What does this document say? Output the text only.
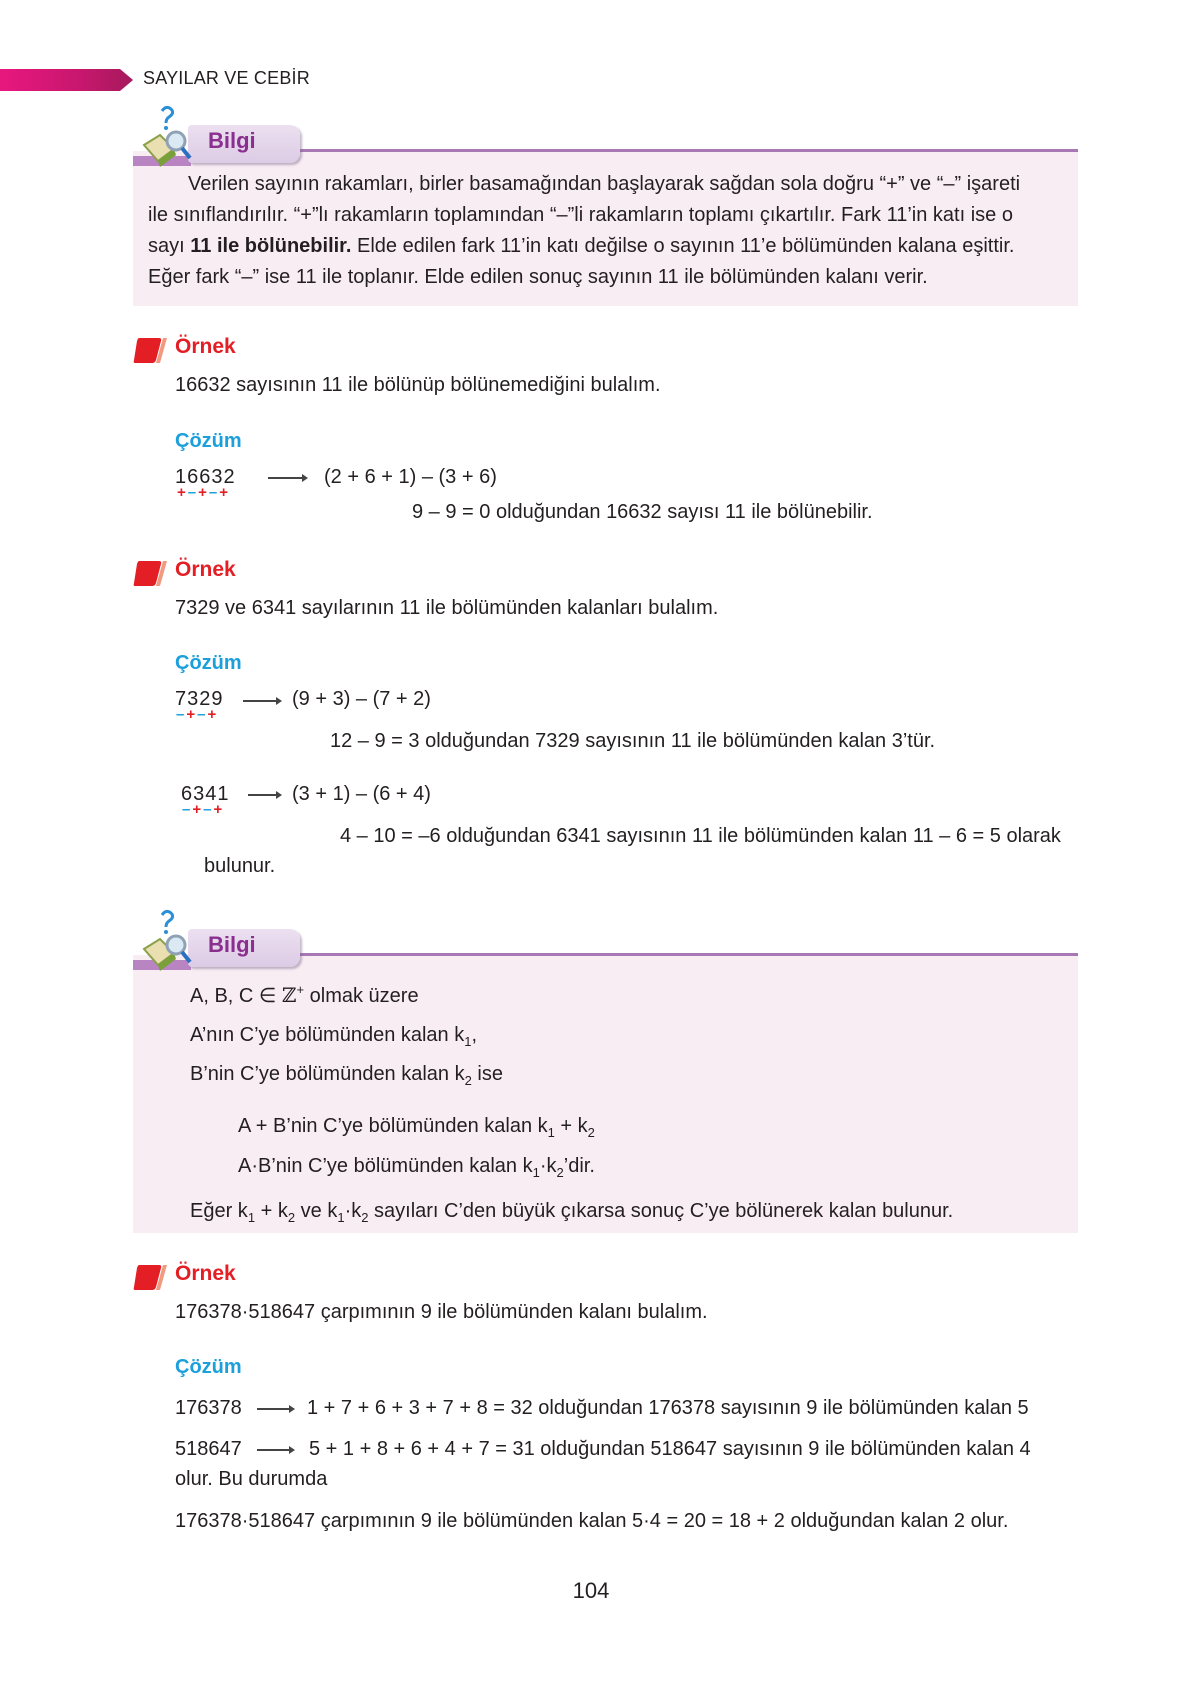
SAYILAR VE CEBİR
Bilgi
Verilen sayının rakamları, birler basamağından başlayarak sağdan sola doğru “+” ve “–” işareti
ile sınıflandırılır. “+”lı rakamların toplamından “–”li rakamların toplamı çıkartılır. Fark 11’in katı ise o
sayı 11 ile bölünebilir. Elde edilen fark 11’in katı değilse o sayının 11’e bölümünden kalana eşittir.
Eğer fark “–” ise 11 ile toplanır. Elde edilen sonuç sayının 11 ile bölümünden kalanı verir.
Örnek
16632 sayısının 11 ile bölünüp bölünemediğini bulalım.
Çözüm
16632
+–+–+
(2 + 6 + 1) – (3 + 6)
9 – 9 = 0 olduğundan 16632 sayısı 11 ile bölünebilir.
Örnek
7329 ve 6341 sayılarının 11 ile bölümünden kalanları bulalım.
Çözüm
7329
–+–+
(9 + 3) – (7 + 2)
12 – 9 = 3 olduğundan 7329 sayısının 11 ile bölümünden kalan 3’tür.
6341
–+–+
(3 + 1) – (6 + 4)
4 – 10 = –6 olduğundan 6341 sayısının 11 ile bölümünden kalan 11 – 6 = 5 olarak
bulunur.
Bilgi
A, B, C ∈ ℤ+ olmak üzere
A’nın C’ye bölümünden kalan $k_1$,
B’nin C’ye bölümünden kalan $k_2$ ise
A + B’nin C’ye bölümünden kalan $k_1 + k_2$
A·B’nin C’ye bölümünden kalan $k_1\cdot k_2’dir$.
Eğer $k_1 + k_2$ ve $k_1\cdot k_2$ sayıları C’den büyük çıkarsa sonuç C’ye bölünerek kalan bulunur.
Örnek
176378·518647 çarpımının 9 ile bölümünden kalanı bulalım.
Çözüm
176378	1 + 7 + 6 + 3 + 7 + 8 = 32 olduğundan 176378 sayısının 9 ile bölümünden kalan 5
518647	5 + 1 + 8 + 6 + 4 + 7 = 31 olduğundan 518647 sayısının 9 ile bölümünden kalan 4
olur. Bu durumda
176378·518647 çarpımının 9 ile bölümünden kalan 5·4 = 20 = 18 + 2 olduğundan kalan 2 olur.
104
